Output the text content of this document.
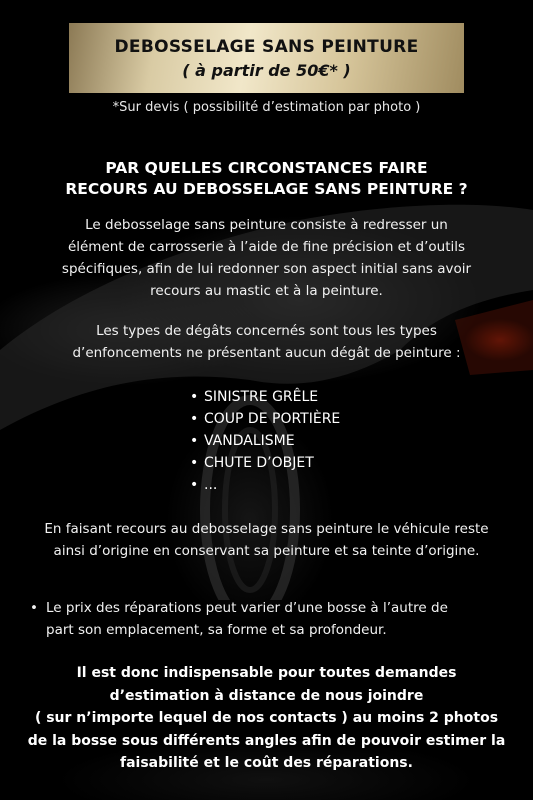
DEBOSSELAGE SANS PEINTURE
( à partir de 50€* )
*Sur devis ( possibilité d’estimation par photo )
PAR QUELLES CIRCONSTANCES FAIRE
RECOURS AU DEBOSSELAGE SANS PEINTURE ?
Le debosselage sans peinture consiste à redresser un
élément de carrosserie à l’aide de fine précision et d’outils
spécifiques, afin de lui redonner son aspect initial sans avoir
recours au mastic et à la peinture.
Les types de dégâts concernés sont tous les types
d’enfoncements ne présentant aucun dégât de peinture :
• SINISTRE GRÊLE
• COUP DE PORTIÈRE
• VANDALISME
• CHUTE D’OBJET
• ...
En faisant recours au debosselage sans peinture le véhicule reste
ainsi d’origine en conservant sa peinture et sa teinte d’origine.
• Le prix des réparations peut varier d’une bosse à l’autre de
part son emplacement, sa forme et sa profondeur.
Il est donc indispensable pour toutes demandes
d’estimation à distance de nous joindre
( sur n’importe lequel de nos contacts ) au moins 2 photos
de la bosse sous différents angles afin de pouvoir estimer la
faisabilité et le coût des réparations.
